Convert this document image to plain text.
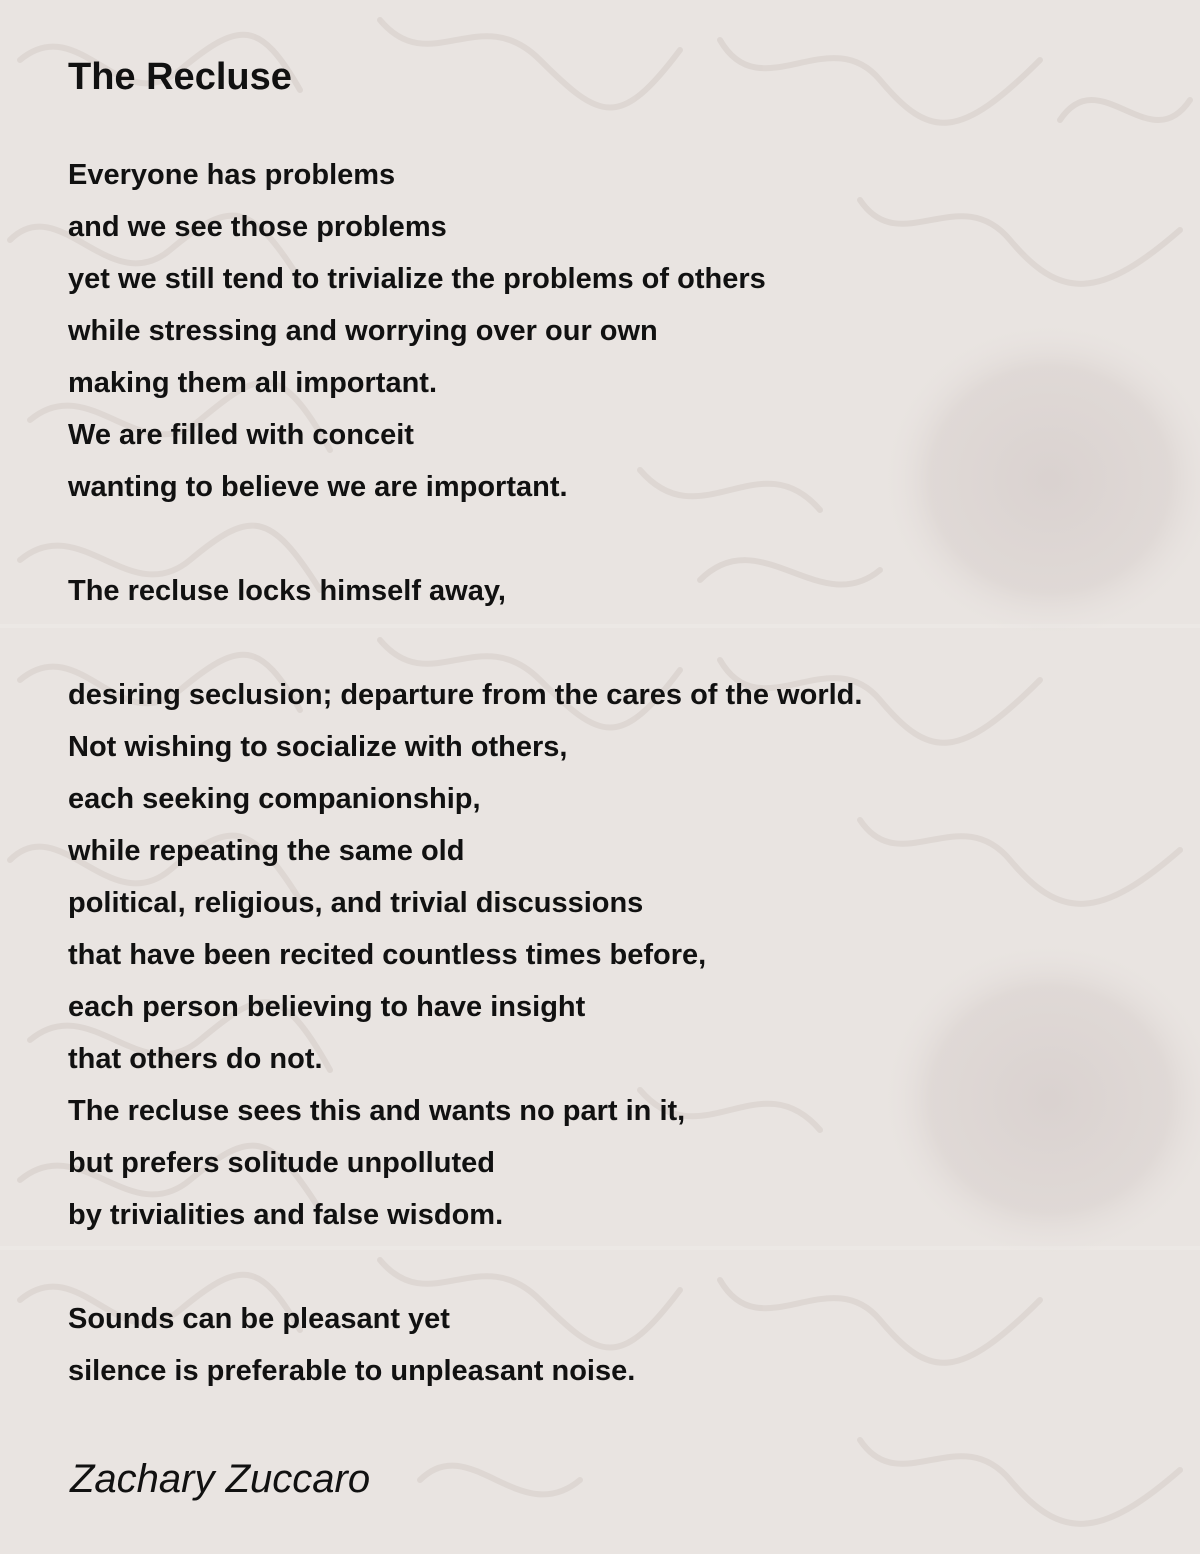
The Recluse
Everyone has problems
and we see those problems
yet we still tend to trivialize the problems of others
while stressing and worrying over our own
making them all important.
We are filled with conceit
wanting to believe we are important.
The recluse locks himself away,
desiring seclusion; departure from the cares of the world.
Not wishing to socialize with others,
each seeking companionship,
while repeating the same old
political, religious, and trivial discussions
that have been recited countless times before,
each person believing to have insight
that others do not.
The recluse sees this and wants no part in it,
but prefers solitude unpolluted
by trivialities and false wisdom.
Sounds can be pleasant yet
silence is preferable to unpleasant noise.

Zachary Zuccaro
